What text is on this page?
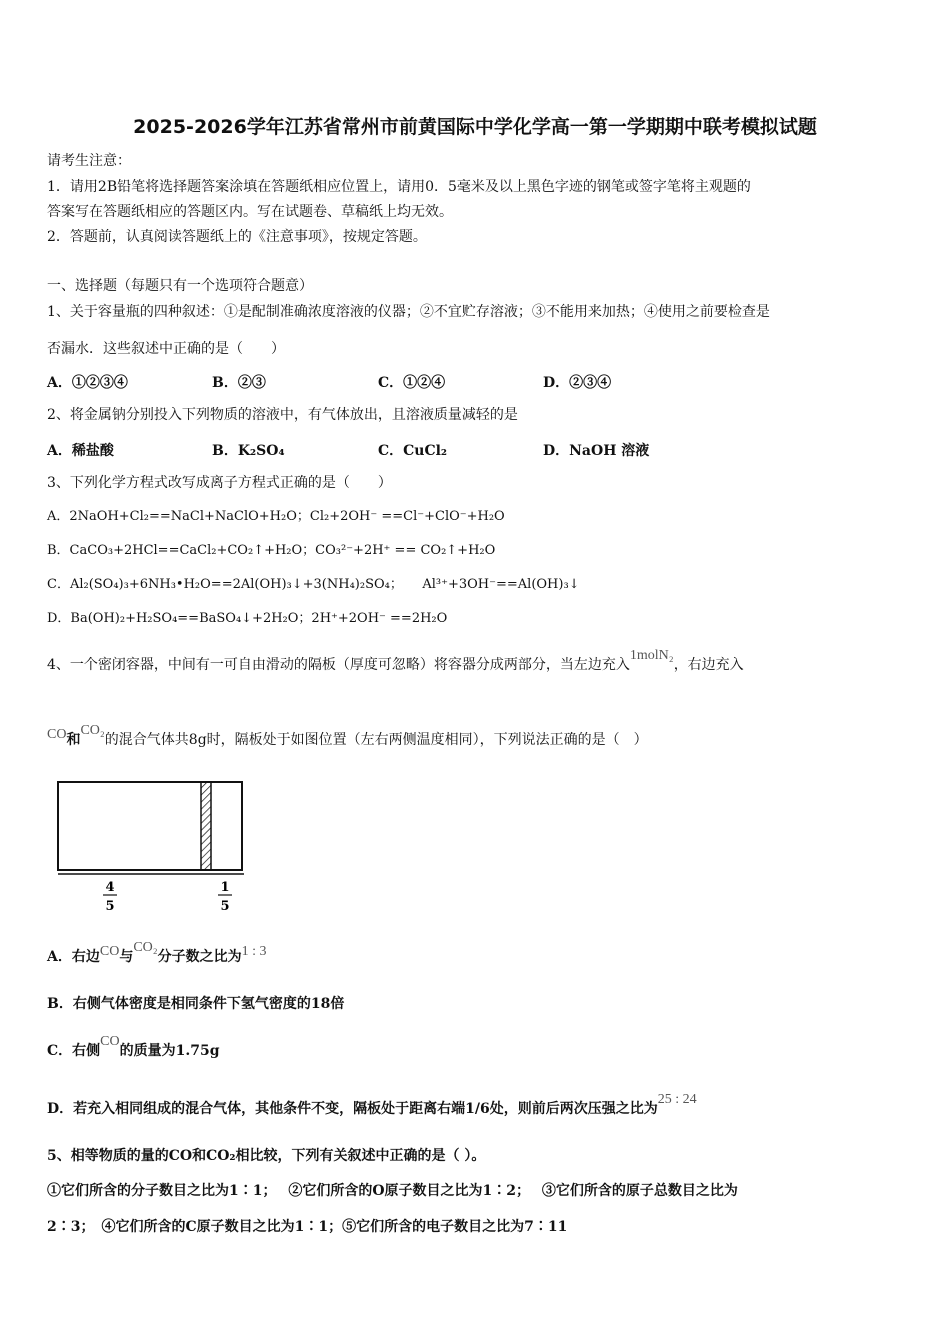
2025-2026学年江苏省常州市前黄国际中学化学高一第一学期期中联考模拟试题
请考生注意：
1．请用2B铅笔将选择题答案涂填在答题纸相应位置上，请用0．5毫米及以上黑色字迹的钢笔或签字笔将主观题的
答案写在答题纸相应的答题区内。写在试题卷、草稿纸上均无效。
2．答题前，认真阅读答题纸上的《注意事项》，按规定答题。
一、选择题（每题只有一个选项符合题意）
1、关于容量瓶的四种叙述：①是配制准确浓度溶液的仪器；②不宜贮存溶液；③不能用来加热；④使用之前要检查是
否漏水．这些叙述中正确的是（　　）
A．①②③④	B．②③	C．①②④	D．②③④
2、将金属钠分别投入下列物质的溶液中，有气体放出，且溶液质量减轻的是
A．稀盐酸	B．K₂SO₄	C．CuCl₂	D．NaOH 溶液
3、下列化学方程式改写成离子方程式正确的是（　　）
A．2NaOH+Cl₂==NaCl+NaClO+H₂O；Cl₂+2OH⁻ ==Cl⁻+ClO⁻+H₂O
B．CaCO₃+2HCl==CaCl₂+CO₂↑+H₂O；CO₃²⁻+2H⁺ == CO₂↑+H₂O
C．Al₂(SO₄)₃+6NH₃•H₂O==2Al(OH)₃↓+3(NH₄)₂SO₄；　　Al³⁺+3OH⁻==Al(OH)₃↓
D．Ba(OH)₂+H₂SO₄==BaSO₄↓+2H₂O；2H⁺+2OH⁻ ==2H₂O
4、一个密闭容器，中间有一可自由滑动的隔板（厚度可忽略）将容器分成两部分，当左边充入1molN₂，右边充入
CO和CO₂的混合气体共8g时，隔板处于如图位置（左右两侧温度相同），下列说法正确的是（　）
4
5
1
5
A．右边CO与CO₂分子数之比为1 : 3
B．右侧气体密度是相同条件下氢气密度的18倍
C．右侧CO的质量为1.75g
D．若充入相同组成的混合气体，其他条件不变，隔板处于距离右端1/6处，则前后两次压强之比为25 : 24
5、相等物质的量的CO和CO₂相比较，下列有关叙述中正确的是（ ）。
①它们所含的分子数目之比为1∶1；　 ②它们所含的O原子数目之比为1∶2；　 ③它们所含的原子总数目之比为
2∶3；　④它们所含的C原子数目之比为1∶1；⑤它们所含的电子数目之比为7∶11
